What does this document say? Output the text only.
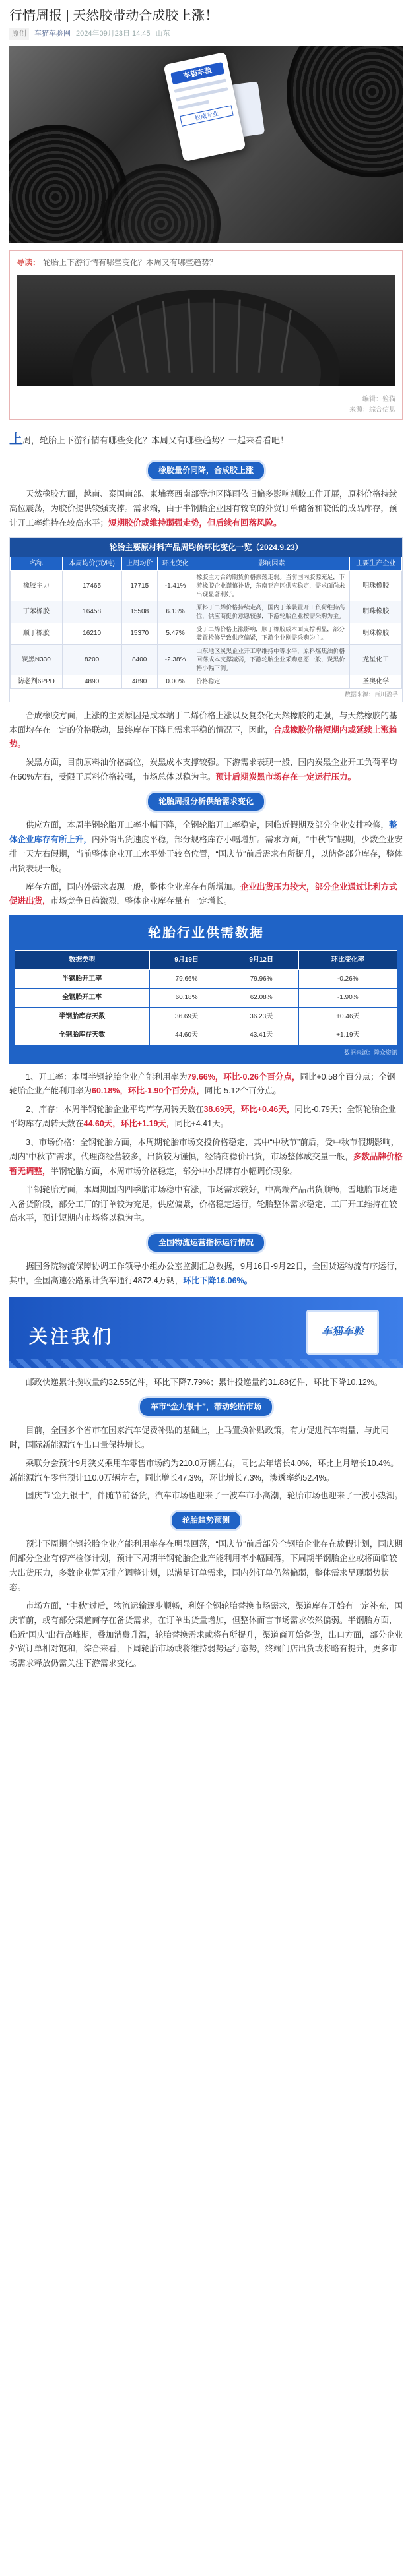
行情周报 | 天然胶带动合成胶上涨！
原创	车猫车验网 2024年09月23日 14:45 山东
车猫车验
权威专业
导读： 轮胎上下游行情有哪些变化？本周又有哪些趋势？
编辑：验猫
来源：综合信息
上周，轮胎上下游行情有哪些变化？本周又有哪些趋势？一起来看看吧！
橡胶量价同降，合成胶上涨

天然橡胶方面，越南、泰国南部、柬埔寨西南部等地区降雨依旧偏多影响割胶工作开展，原料价格持续高位震荡，为胶价提供较强支撑。需求端，由于半钢胎企业因有较高的外贸订单储备和较低的成品库存，预计开工率维持在较高水平；短期胶价或维持弱强走势，但后续有回落风险。

轮胎主要原材料产品周均价环比变化一览（2024.9.23）
名称	本周均价(元/吨)	上周均价	环比变化	影响因素	主要生产企业
橡胶主力	17465	17715	-1.41%	橡胶主力合约期货价格振荡走弱。当前国内胶源充足，下游橡胶企业谨慎补货，东南亚产区供应稳定，需求面尚未出现显著利好。	明珠橡胶
丁苯橡胶	16458	15508	6.13%	原料丁二烯价格持续走高，国内丁苯装置开工负荷维持高位，供应商挺价意愿较强，下游轮胎企业按需采购为主。	明珠橡胶
顺丁橡胶	16210	15370	5.47%	受丁二烯价格上涨影响，顺丁橡胶成本面支撑明显，部分装置检修导致供应偏紧，下游企业刚需采购为主。	明珠橡胶
炭黑N330	8200	8400	-2.38%	山东地区炭黑企业开工率维持中等水平，原料煤焦油价格回落成本支撑减弱，下游轮胎企业采购意愿一般，炭黑价格小幅下调。	龙星化工
防老剂6PPD	4890	4890	0.00%	价格稳定	圣奥化学
数据来源：百川盈孚

合成橡胶方面，上涨的主要原因是成本端丁二烯价格上涨以及复杂化天然橡胶的走强，与天然橡胶的基本面均存在一定的价格联动，最终库存下降且需求平稳的情况下，因此，合成橡胶价格短期内或延续上涨趋势。

炭黑方面，目前原料油价格高位，炭黑成本支撑较强。下游需求表现一般，国内炭黑企业开工负荷平均在60%左右，受限于原料价格较强，市场总体以稳为主。预计后期炭黑市场存在一定运行压力。

轮胎周报分析供给需求变化

供应方面，本周半钢轮胎开工率小幅下降，全钢轮胎开工率稳定，因临近假期及部分企业安排检修，整体企业库存有所上升，内外销出货速度平稳，部分规格库存小幅增加。需求方面，“中秋节”假期，少数企业安排一天左右假期，当前整体企业开工水平处于较高位置，“国庆节”前后需求有所提升，以储备部分库存，整体出货表现一般。

库存方面，国内外需求表现一般，整体企业库存有所增加。企业出货压力较大，部分企业通过让利方式促进出货，市场竞争日趋激烈，整体企业库存量有一定增长。

轮胎行业供需数据
数据类型	9月19日	9月12日	环比变化率
半钢胎开工率	79.66%	79.96%	-0.26%
全钢胎开工率	60.18%	62.08%	-1.90%
半钢胎库存天数	36.69天	36.23天	+0.46天
全钢胎库存天数	44.60天	43.41天	+1.19天
数据来源：隆众资讯

1、开工率：本周半钢轮胎企业产能利用率为79.66%，环比-0.26个百分点，同比+0.58个百分点；全钢轮胎企业产能利用率为60.18%，环比-1.90个百分点，同比-5.12个百分点。

2、库存：本周半钢轮胎企业平均库存周转天数在38.69天，环比+0.46天，同比-0.79天；全钢轮胎企业平均库存周转天数在44.60天，环比+1.19天，同比+4.41天。

3、市场价格：全钢轮胎方面，本周期轮胎市场交投价格稳定，其中“中秋节”前后，受中秋节假期影响，周内“中秋节”需求，代理商经营较多，出货较为谨慎，经销商稳价出货，市场整体成交量一般，多数品牌价格暂无调整，半钢轮胎方面，本周市场价格稳定，部分中小品牌有小幅调价现象。

半钢轮胎方面，本周期国内四季胎市场稳中有涨，市场需求较好，中高端产品出货顺畅，雪地胎市场进入备货阶段，部分工厂的订单较为充足，供应偏紧，价格稳定运行，轮胎整体需求稳定，工厂开工维持在较高水平，预计短期内市场将以稳为主。

全国物流运营指标运行情况

据国务院物流保障协调工作领导小组办公室监测汇总数据，9月16日-9月22日，全国货运物流有序运行，其中，全国高速公路累计货车通行4872.4万辆，环比下降16.06%。

关注我们	车猫车验

邮政快递累计揽收量约32.55亿件，环比下降7.79%；累计投递量约31.88亿件，环比下降10.12%。

车市“金九银十”，带动轮胎市场

目前，全国多个省市在国家汽车促费补贴的基础上，上马置换补贴政策，有力促进汽车销量，与此同时，国际新能源汽车出口量保持增长。

乘联分会预计9月狭义乘用车零售市场约为210.0万辆左右，同比去年增长4.0%，环比上月增长10.4%。新能源汽车零售预计110.0万辆左右，同比增长47.3%，环比增长7.3%，渗透率约52.4%。

国庆节“金九银十”，伴随节前备货，汽车市场也迎来了一波车市小高潮，轮胎市场也迎来了一波小热潮。

轮胎趋势预测

预计下周期全钢轮胎企业产能利用率存在明显回落，“国庆节”前后部分全钢胎企业存在放假计划，国庆期间部分企业有停产检修计划，预计下周期半钢轮胎企业产能利用率小幅回落，下周期半钢胎企业或将面临较大出货压力，多数企业暂无排产调整计划，以满足订单需求，国内外订单仍然偏弱，整体需求呈现弱势状态。

市场方面，“中秋”过后，物流运输逐步顺畅，利好全钢轮胎替换市场需求，渠道库存开始有一定补充，国庆节前，或有部分渠道商存在备货需求，在订单出货量增加，但整体而言市场需求依然偏弱。半钢胎方面，临近“国庆”出行高峰期，叠加消费升温，轮胎替换需求或将有所提升，渠道商开始备货，出口方面，部分企业外贸订单相对饱和，综合来看，下周轮胎市场或将维持弱势运行态势，终端门店出货或将略有提升，更多市场需求释放仍需关注下游需求变化。
